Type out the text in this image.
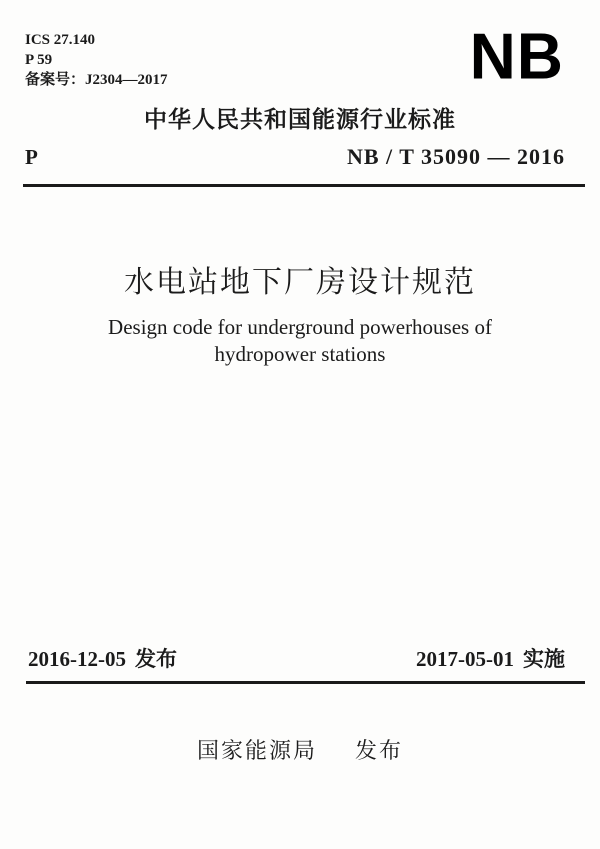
ICS 27.140
P 59
备案号：J2304—2017	NB
中华人民共和国能源行业标准
P	NB / T 35090 — 2016
水电站地下厂房设计规范
Design code for underground powerhouses of
hydropower stations
2016-12-05 发布	2017-05-01 实施
国家能源局 发布
